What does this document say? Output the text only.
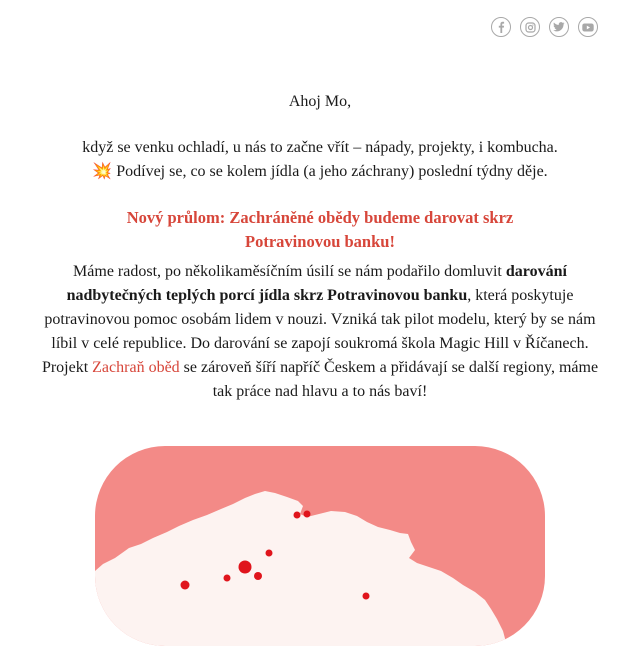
Ahoj Mo,

když se venku ochladí, u nás to začne vřít – nápady, projekty, i kombucha.
💥 Podívej se, co se kolem jídla (a jeho záchrany) poslední týdny děje.

Nový průlom: Zachráněné obědy budeme darovat skrz Potravinovou banku!

Máme radost, po několikaměsíčním úsilí se nám podařilo domluvit darování nadbytečných teplých porcí jídla skrz Potravinovou banku, která poskytuje potravinovou pomoc osobám lidem v nouzi. Vzniká tak pilot modelu, který by se nám líbil v celé republice. Do darování se zapojí soukromá škola Magic Hill v Říčanech. Projekt Zachraň oběd se zároveň šíří napříč Českem a přidávají se další regiony, máme tak práce nad hlavu a to nás baví!
